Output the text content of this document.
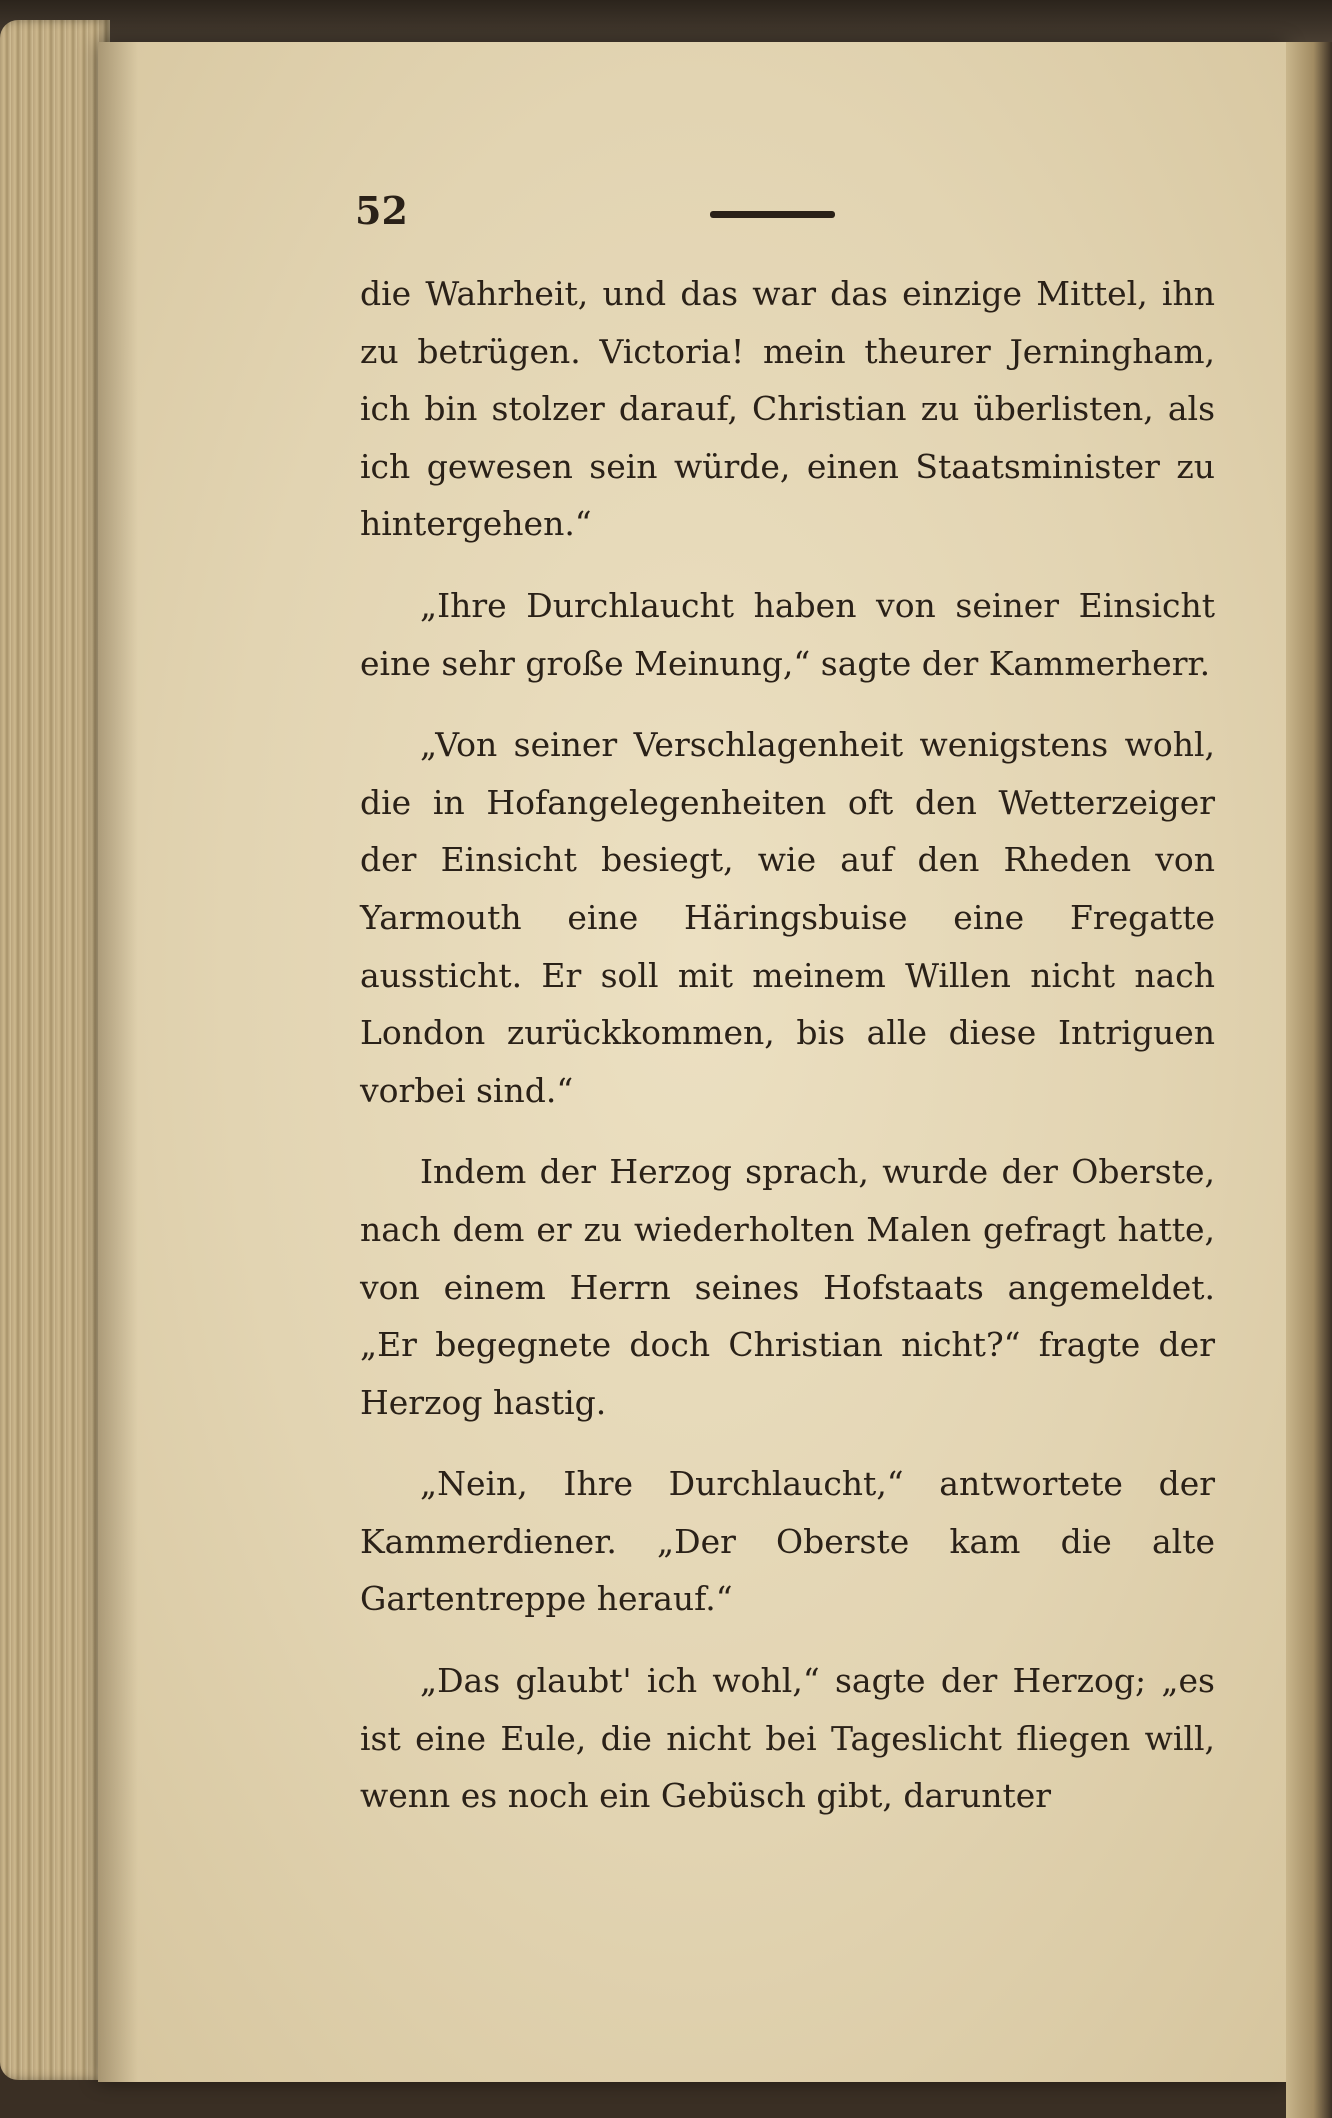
52

die Wahrheit, und das war das einzige Mittel, ihn zu betrügen. Victoria! mein theurer Jerningham, ich bin stolzer darauf, Christian zu überlisten, als ich gewesen sein würde, einen Staatsminister zu hintergehen.“

„Ihre Durchlaucht haben von seiner Einsicht eine sehr große Meinung,“ sagte der Kammerherr.

„Von seiner Verschlagenheit wenigstens wohl, die in Hofangelegenheiten oft den Wetterzeiger der Einsicht besiegt, wie auf den Rheden von Yarmouth eine Häringsbuise eine Fregatte aussticht. Er soll mit meinem Willen nicht nach London zurückkommen, bis alle diese Intriguen vorbei sind.“

Indem der Herzog sprach, wurde der Oberste, nach dem er zu wiederholten Malen gefragt hatte, von einem Herrn seines Hofstaats angemeldet. „Er begegnete doch Christian nicht?“ fragte der Herzog hastig.

„Nein, Ihre Durchlaucht,“ antwortete der Kammerdiener. „Der Oberste kam die alte Gartentreppe herauf.“

„Das glaubt' ich wohl,“ sagte der Herzog; „es ist eine Eule, die nicht bei Tageslicht fliegen will, wenn es noch ein Gebüsch gibt, darunter
